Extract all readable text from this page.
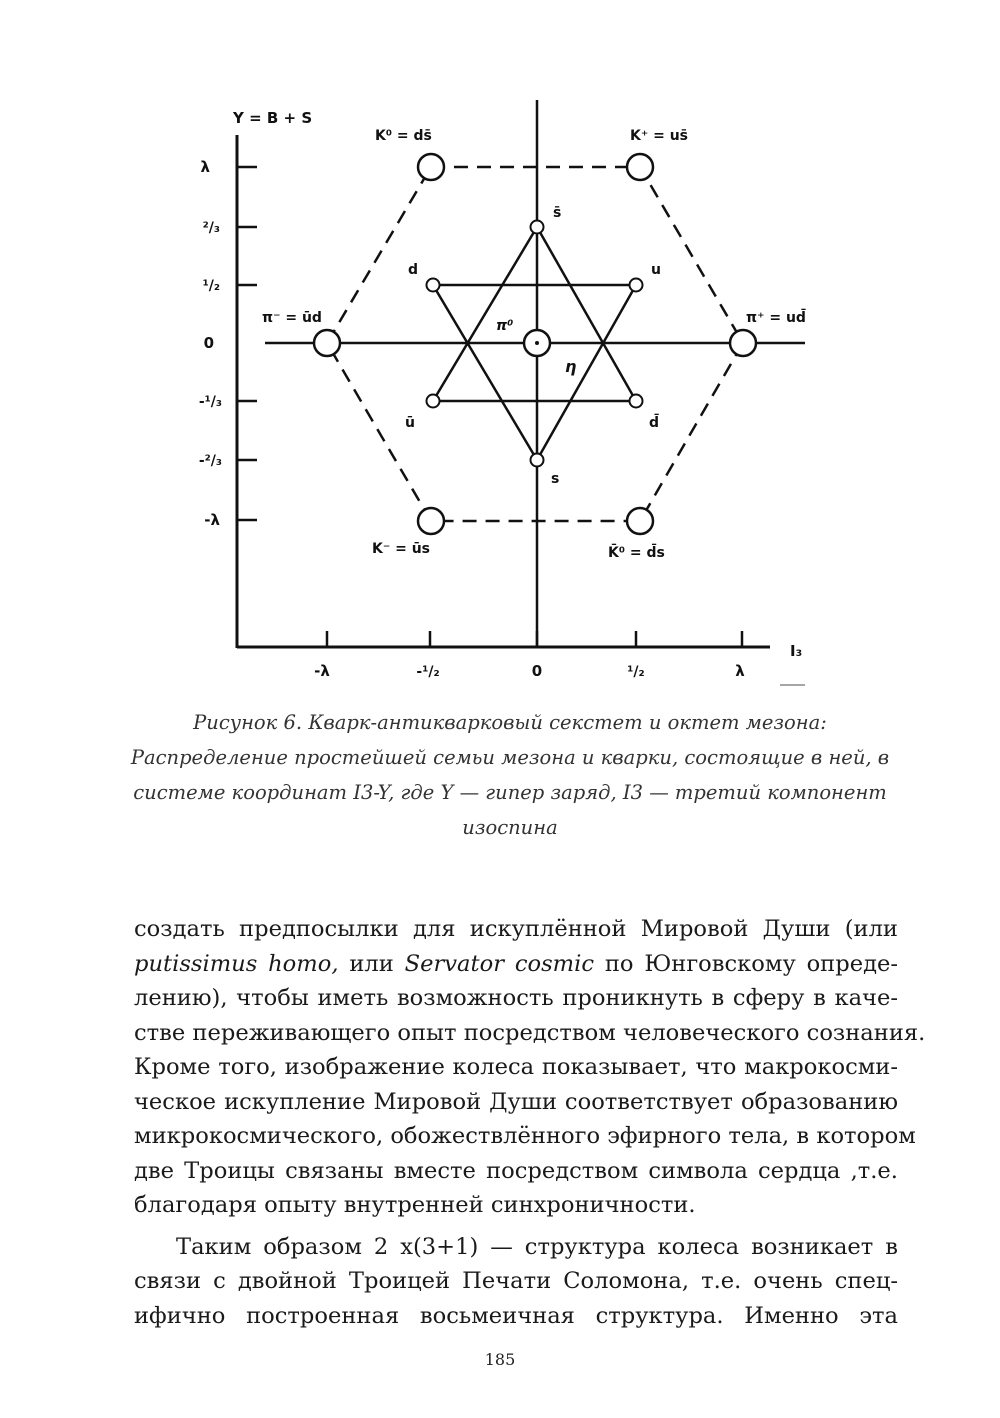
Y = B + S
I₃
λ
²/₃
¹/₂
0
-¹/₃
-²/₃
-λ
-λ	-¹/₂	0	¹/₂	λ
K⁰ = ds̄	K⁺ = us̄
π⁻ = ūd	π⁺ = ud̄
K⁻ = ūs	K̄⁰ = d̄s
π⁰
η
s̄
d	u
ū	d̄
s
Рисунок 6. Кварк-антикварковый секстет и октет мезона:
Распределение простейшей семьи мезона и кварки, состоящие в ней, в
системе координат I3-Y, где Y — гипер заряд, I3 — третий компонент
изоспина
создать предпосылки для искуплённой Мировой Души (или
putissimus homo, или Servator cosmic по Юнговскому опреде-
лению), чтобы иметь возможность проникнуть в сферу в каче-
стве переживающего опыт посредством человеческого сознания.
Кроме того, изображение колеса показывает, что макрокосми-
ческое искупление Мировой Души соответствует образованию
микрокосмического, обожествлённого эфирного тела, в котором
две Троицы связаны вместе посредством символа сердца ,т.е.
благодаря опыту внутренней синхроничности.
Таким образом 2 x(3+1) — структура колеса возникает в
связи с двойной Троицей Печати Соломона, т.е. очень спец-
ифично построенная восьмеичная структура. Именно эта
185
